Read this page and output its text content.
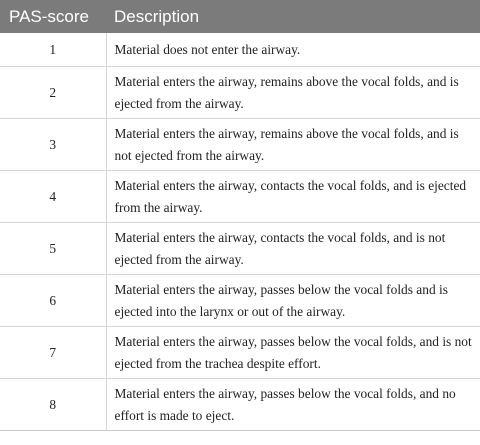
PAS-score	Description
1	Material does not enter the airway.
2	Material enters the airway, remains above the vocal folds, and is ejected from the airway.
3	Material enters the airway, remains above the vocal folds, and is not ejected from the airway.
4	Material enters the airway, contacts the vocal folds, and is ejected from the airway.
5	Material enters the airway, contacts the vocal folds, and is not ejected from the airway.
6	Material enters the airway, passes below the vocal folds and is ejected into the larynx or out of the airway.
7	Material enters the airway, passes below the vocal folds, and is not ejected from the trachea despite effort.
8	Material enters the airway, passes below the vocal folds, and no effort is made to eject.
